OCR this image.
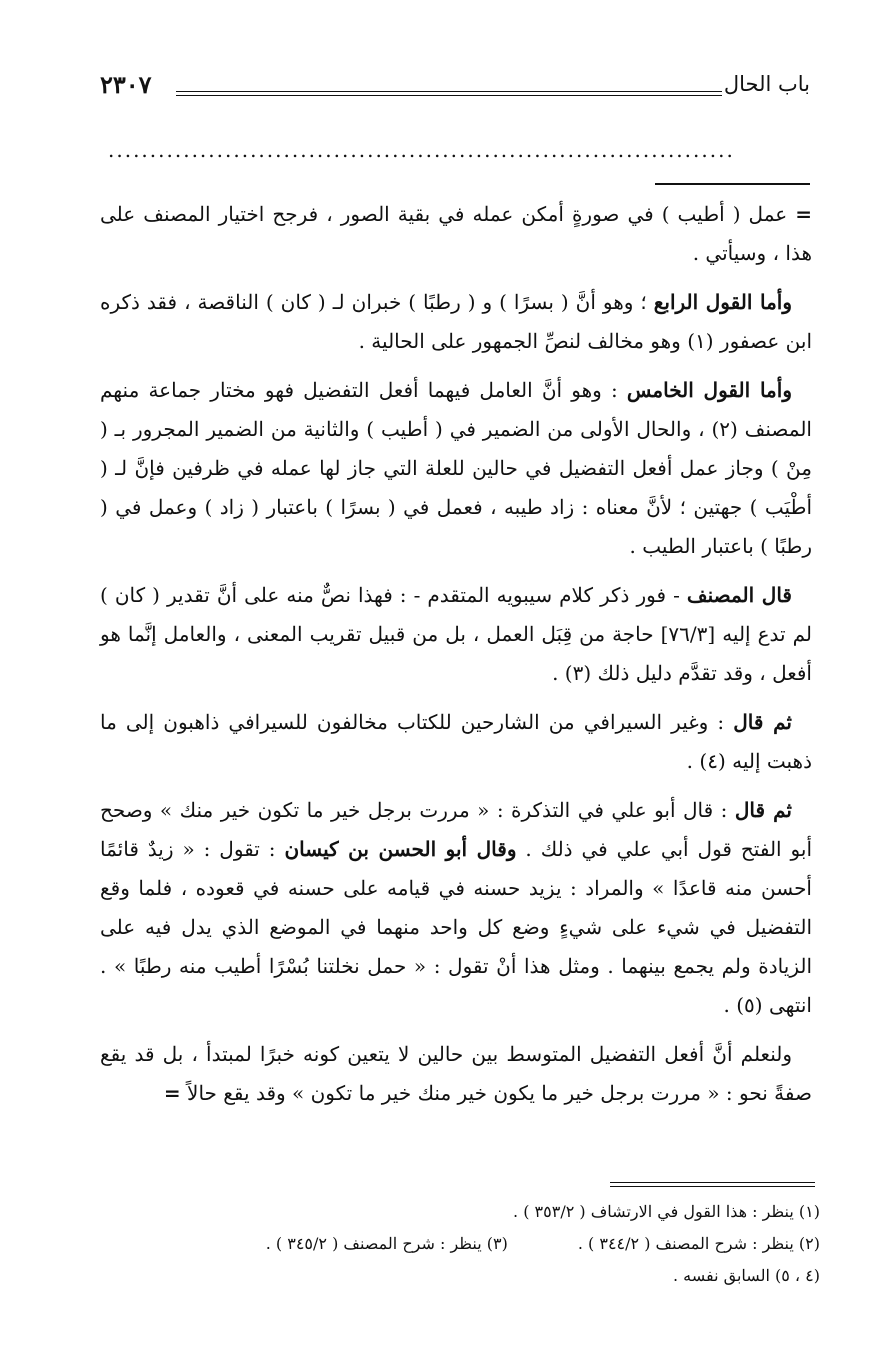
٢٣٠٧	باب الحال
...........................................................................

= عمل ( أطيب ) في صورةٍ أمكن عمله في بقية الصور ، فرجح اختيار المصنف على هذا ، وسيأتي .

وأما القول الرابع ؛ وهو أنَّ ( بسرًا ) و ( رطبًا ) خبران لـ ( كان ) الناقصة ، فقد ذكره ابن عصفور (١) وهو مخالف لنصِّ الجمهور على الحالية .

وأما القول الخامس : وهو أنَّ العامل فيهما أفعل التفضيل فهو مختار جماعة منهم المصنف (٢) ، والحال الأولى من الضمير في ( أطيب ) والثانية من الضمير المجرور بـ ( مِنْ ) وجاز عمل أفعل التفضيل في حالين للعلة التي جاز لها عمله في ظرفين فإنَّ لـ ( أطْيَب ) جهتين ؛ لأنَّ معناه : زاد طيبه ، فعمل في ( بسرًا ) باعتبار ( زاد ) وعمل في ( رطبًا ) باعتبار الطيب .

قال المصنف - فور ذكر كلام سيبويه المتقدم - : فهذا نصٌّ منه على أنَّ تقدير ( كان ) لم تدع إليه [٧٦/٣] حاجة من قِبَل العمل ، بل من قبيل تقريب المعنى ، والعامل إنَّما هو أفعل ، وقد تقدَّم دليل ذلك (٣) .

ثم قال : وغير السيرافي من الشارحين للكتاب مخالفون للسيرافي ذاهبون إلى ما ذهبت إليه (٤) .

ثم قال : قال أبو علي في التذكرة : « مررت برجل خير ما تكون خير منك » وصحح أبو الفتح قول أبي علي في ذلك . وقال أبو الحسن بن كيسان : تقول : « زيدٌ قائمًا أحسن منه قاعدًا » والمراد : يزيد حسنه في قيامه على حسنه في قعوده ، فلما وقع التفضيل في شيء على شيءٍ وضع كل واحد منهما في الموضع الذي يدل فيه على الزيادة ولم يجمع بينهما . ومثل هذا أنْ تقول : « حمل نخلتنا بُسْرًا أطيب منه رطبًا » . انتهى (٥) .

ولنعلم أنَّ أفعل التفضيل المتوسط بين حالين لا يتعين كونه خبرًا لمبتدأ ، بل قد يقع صفةً نحو : « مررت برجل خير ما يكون خير منك خير ما تكون » وقد يقع حالاً =

(١) ينظر : هذا القول في الارتشاف ( ٣٥٣/٢ ) .
(٢) ينظر : شرح المصنف ( ٣٤٤/٢ ) .(٣) ينظر : شرح المصنف ( ٣٤٥/٢ ) .
(٤ ، ٥) السابق نفسه .
